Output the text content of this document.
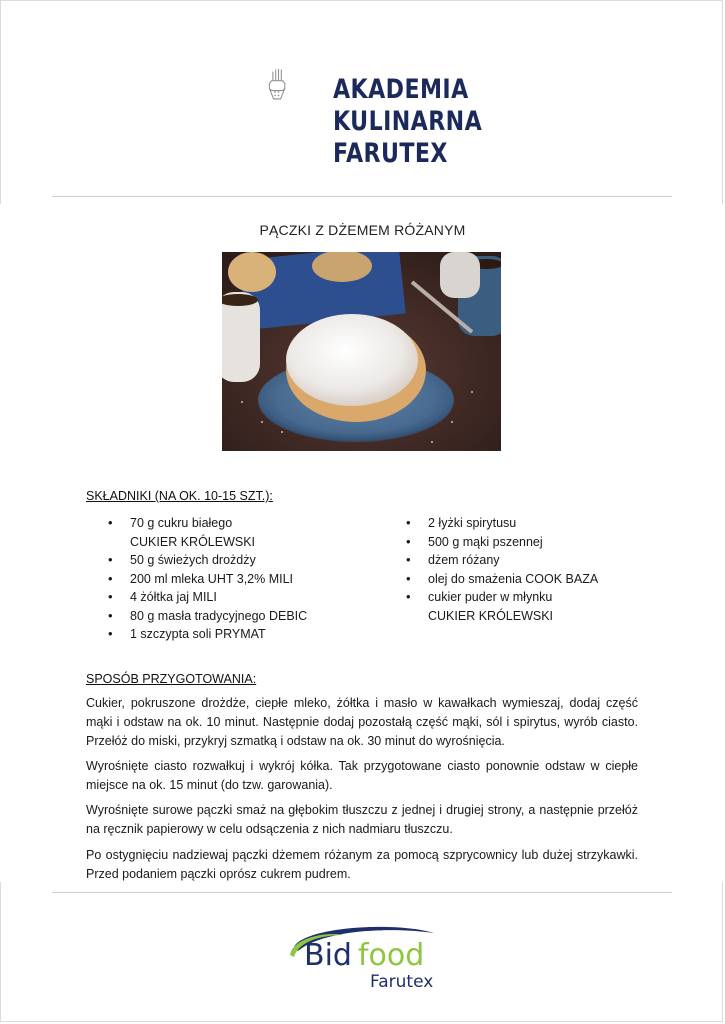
AKADEMIA
KULINARNA
FARUTEX
PĄCZKI Z DŻEMEM RÓŻANYM
SKŁADNIKI (NA OK. 10-15 SZT.):
• 70 g cukru białego
CUKIER KRÓLEWSKI
• 50 g świeżych drożdży
• 200 ml mleka UHT 3,2% MILI
• 4 żółtka jaj MILI
• 80 g masła tradycyjnego DEBIC
• 1 szczypta soli PRYMAT
• 2 łyżki spirytusu
• 500 g mąki pszennej
• dżem różany
• olej do smażenia COOK BAZA
• cukier puder w młynku
CUKIER KRÓLEWSKI
SPOSÓB PRZYGOTOWANIA:

Cukier, pokruszone drożdże, ciepłe mleko, żółtka i masło w kawałkach wymieszaj, dodaj część mąki i odstaw na ok. 10 minut. Następnie dodaj pozostałą część mąki, sól i spirytus, wyrób ciasto. Przełóż do miski, przykryj szmatką i odstaw na ok. 30 minut do wyrośnięcia.

Wyrośnięte ciasto rozwałkuj i wykrój kółka. Tak przygotowane ciasto ponownie odstaw w ciepłe miejsce na ok. 15 minut (do tzw. garowania).

Wyrośnięte surowe pączki smaż na głębokim tłuszczu z jednej i drugiej strony, a następnie przełóż na ręcznik papierowy w celu odsączenia z nich nadmiaru tłuszczu.

Po ostygnięciu nadziewaj pączki dżemem różanym za pomocą szprycownicy lub dużej strzykawki. Przed podaniem pączki oprósz cukrem pudrem.

Bid food
Farutex
